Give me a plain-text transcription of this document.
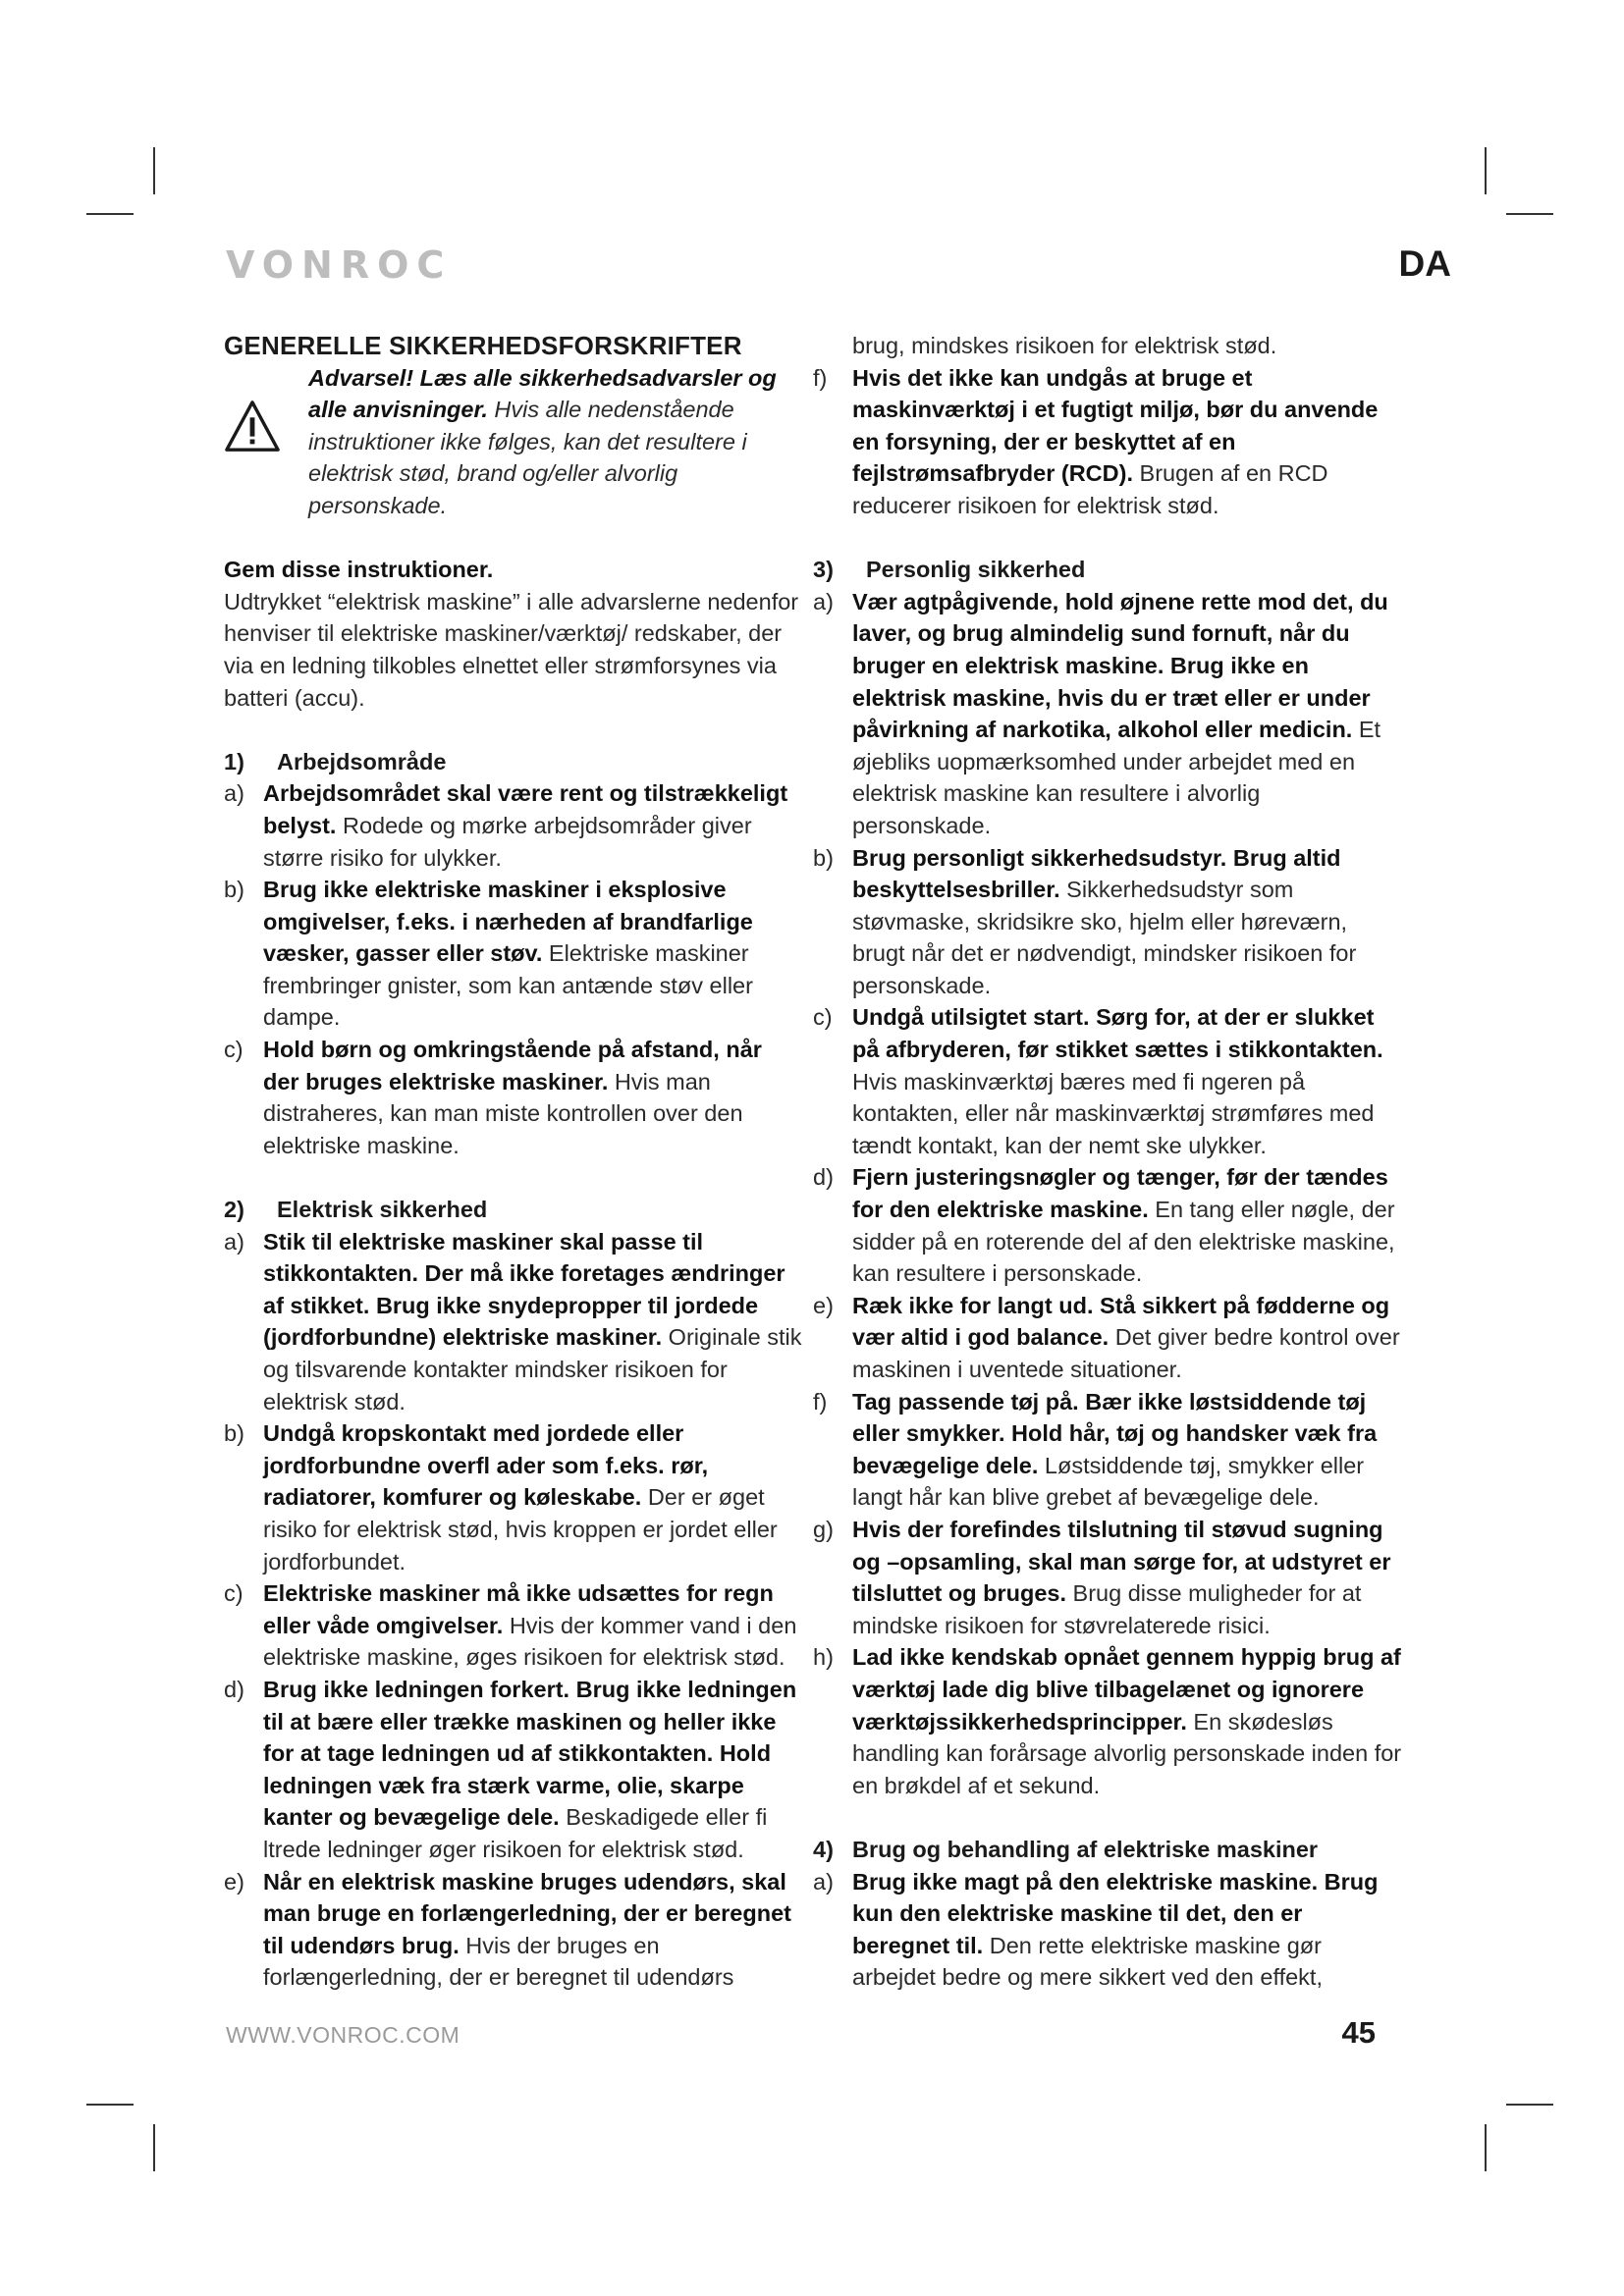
VONROC	DA

GENERELLE SIKKERHEDSFORSKRIFTER

Advarsel! Læs alle sikkerhedsadvarsler og alle anvisninger. Hvis alle nedenstående instruktioner ikke følges, kan det resultere i elektrisk stød, brand og/eller alvorlig personskade.

Gem disse instruktioner.

Udtrykket “elektrisk maskine” i alle advarslerne nedenfor henviser til elektriske maskiner/værktøj/ redskaber, der via en ledning tilkobles elnettet eller strømforsynes via batteri (accu).

1)	Arbejdsområde
a) Arbejdsområdet skal være rent og tilstrækkeligt belyst. Rodede og mørke arbejdsområder giver større risiko for ulykker.

b) Brug ikke elektriske maskiner i eksplosive omgivelser, f.eks. i nærheden af brandfarlige væsker, gasser eller støv. Elektriske maskiner frembringer gnister, som kan antænde støv eller dampe.

c) Hold børn og omkringstående på afstand, når der bruges elektriske maskiner. Hvis man distraheres, kan man miste kontrollen over den elektriske maskine.

2)	Elektrisk sikkerhed
a) Stik til elektriske maskiner skal passe til stikkontakten. Der må ikke foretages ændringer af stikket. Brug ikke snydepropper til jordede (jordforbundne) elektriske maskiner. Originale stik og tilsvarende kontakter mindsker risikoen for elektrisk stød.

b) Undgå kropskontakt med jordede eller jordforbundne overfl ader som f.eks. rør, radiatorer, komfurer og køleskabe. Der er øget risiko for elektrisk stød, hvis kroppen er jordet eller jordforbundet.

c) Elektriske maskiner må ikke udsættes for regn eller våde omgivelser. Hvis der kommer vand i den elektriske maskine, øges risikoen for elektrisk stød.

d) Brug ikke ledningen forkert. Brug ikke ledningen til at bære eller trække maskinen og heller ikke for at tage ledningen ud af stikkontakten. Hold ledningen væk fra stærk varme, olie, skarpe kanter og bevægelige dele. Beskadigede eller fi ltrede ledninger øger risikoen for elektrisk stød.

e) Når en elektrisk maskine bruges udendørs, skal man bruge en forlængerledning, der er beregnet til udendørs brug. Hvis der bruges en forlængerledning, der er beregnet til udendørs

brug, mindskes risikoen for elektrisk stød.

f)	Hvis det ikke kan undgås at bruge et maskinværktøj i et fugtigt miljø, bør du anvende en forsyning, der er beskyttet af en fejlstrømsafbryder (RCD). Brugen af en RCD reducerer risikoen for elektrisk stød.

3)	Personlig sikkerhed
a) Vær agtpågivende, hold øjnene rette mod det, du laver, og brug almindelig sund fornuft, når du bruger en elektrisk maskine. Brug ikke en elektrisk maskine, hvis du er træt eller er under påvirkning af narkotika, alkohol eller medicin. Et øjebliks uopmærksomhed under arbejdet med en elektrisk maskine kan resultere i alvorlig personskade.

b) Brug personligt sikkerhedsudstyr. Brug altid beskyttelsesbriller. Sikkerhedsudstyr som støvmaske, skridsikre sko, hjelm eller høreværn, brugt når det er nødvendigt, mindsker risikoen for personskade.

c) Undgå utilsigtet start. Sørg for, at der er slukket på afbryderen, før stikket sættes i stikkontakten. Hvis maskinværktøj bæres med fi ngeren på kontakten, eller når maskinværktøj strømføres med tændt kontakt, kan der nemt ske ulykker.

d) Fjern justeringsnøgler og tænger, før der tændes for den elektriske maskine. En tang eller nøgle, der sidder på en roterende del af den elektriske maskine, kan resultere i personskade.

e) Ræk ikke for langt ud. Stå sikkert på fødderne og vær altid i god balance. Det giver bedre kontrol over maskinen i uventede situationer.

f)	Tag passende tøj på. Bær ikke løstsiddende tøj eller smykker. Hold hår, tøj og handsker væk fra bevægelige dele. Løstsiddende tøj, smykker eller langt hår kan blive grebet af bevægelige dele.

g) Hvis der forefindes tilslutning til støvud sugning og –opsamling, skal man sørge for, at udstyret er tilsluttet og bruges. Brug disse muligheder for at mindske risikoen for støvrelaterede risici.

h) Lad ikke kendskab opnået gennem hyppig brug af værktøj lade dig blive tilbagelænet og ignorere værktøjssikkerhedsprincipper. En skødesløs handling kan forårsage alvorlig personskade inden for en brøkdel af et sekund.

4) Brug og behandling af elektriske maskiner
a) Brug ikke magt på den elektriske maskine. Brug kun den elektriske maskine til det, den er beregnet til. Den rette elektriske maskine gør arbejdet bedre og mere sikkert ved den effekt,

WWW.VONROC.COM	45
